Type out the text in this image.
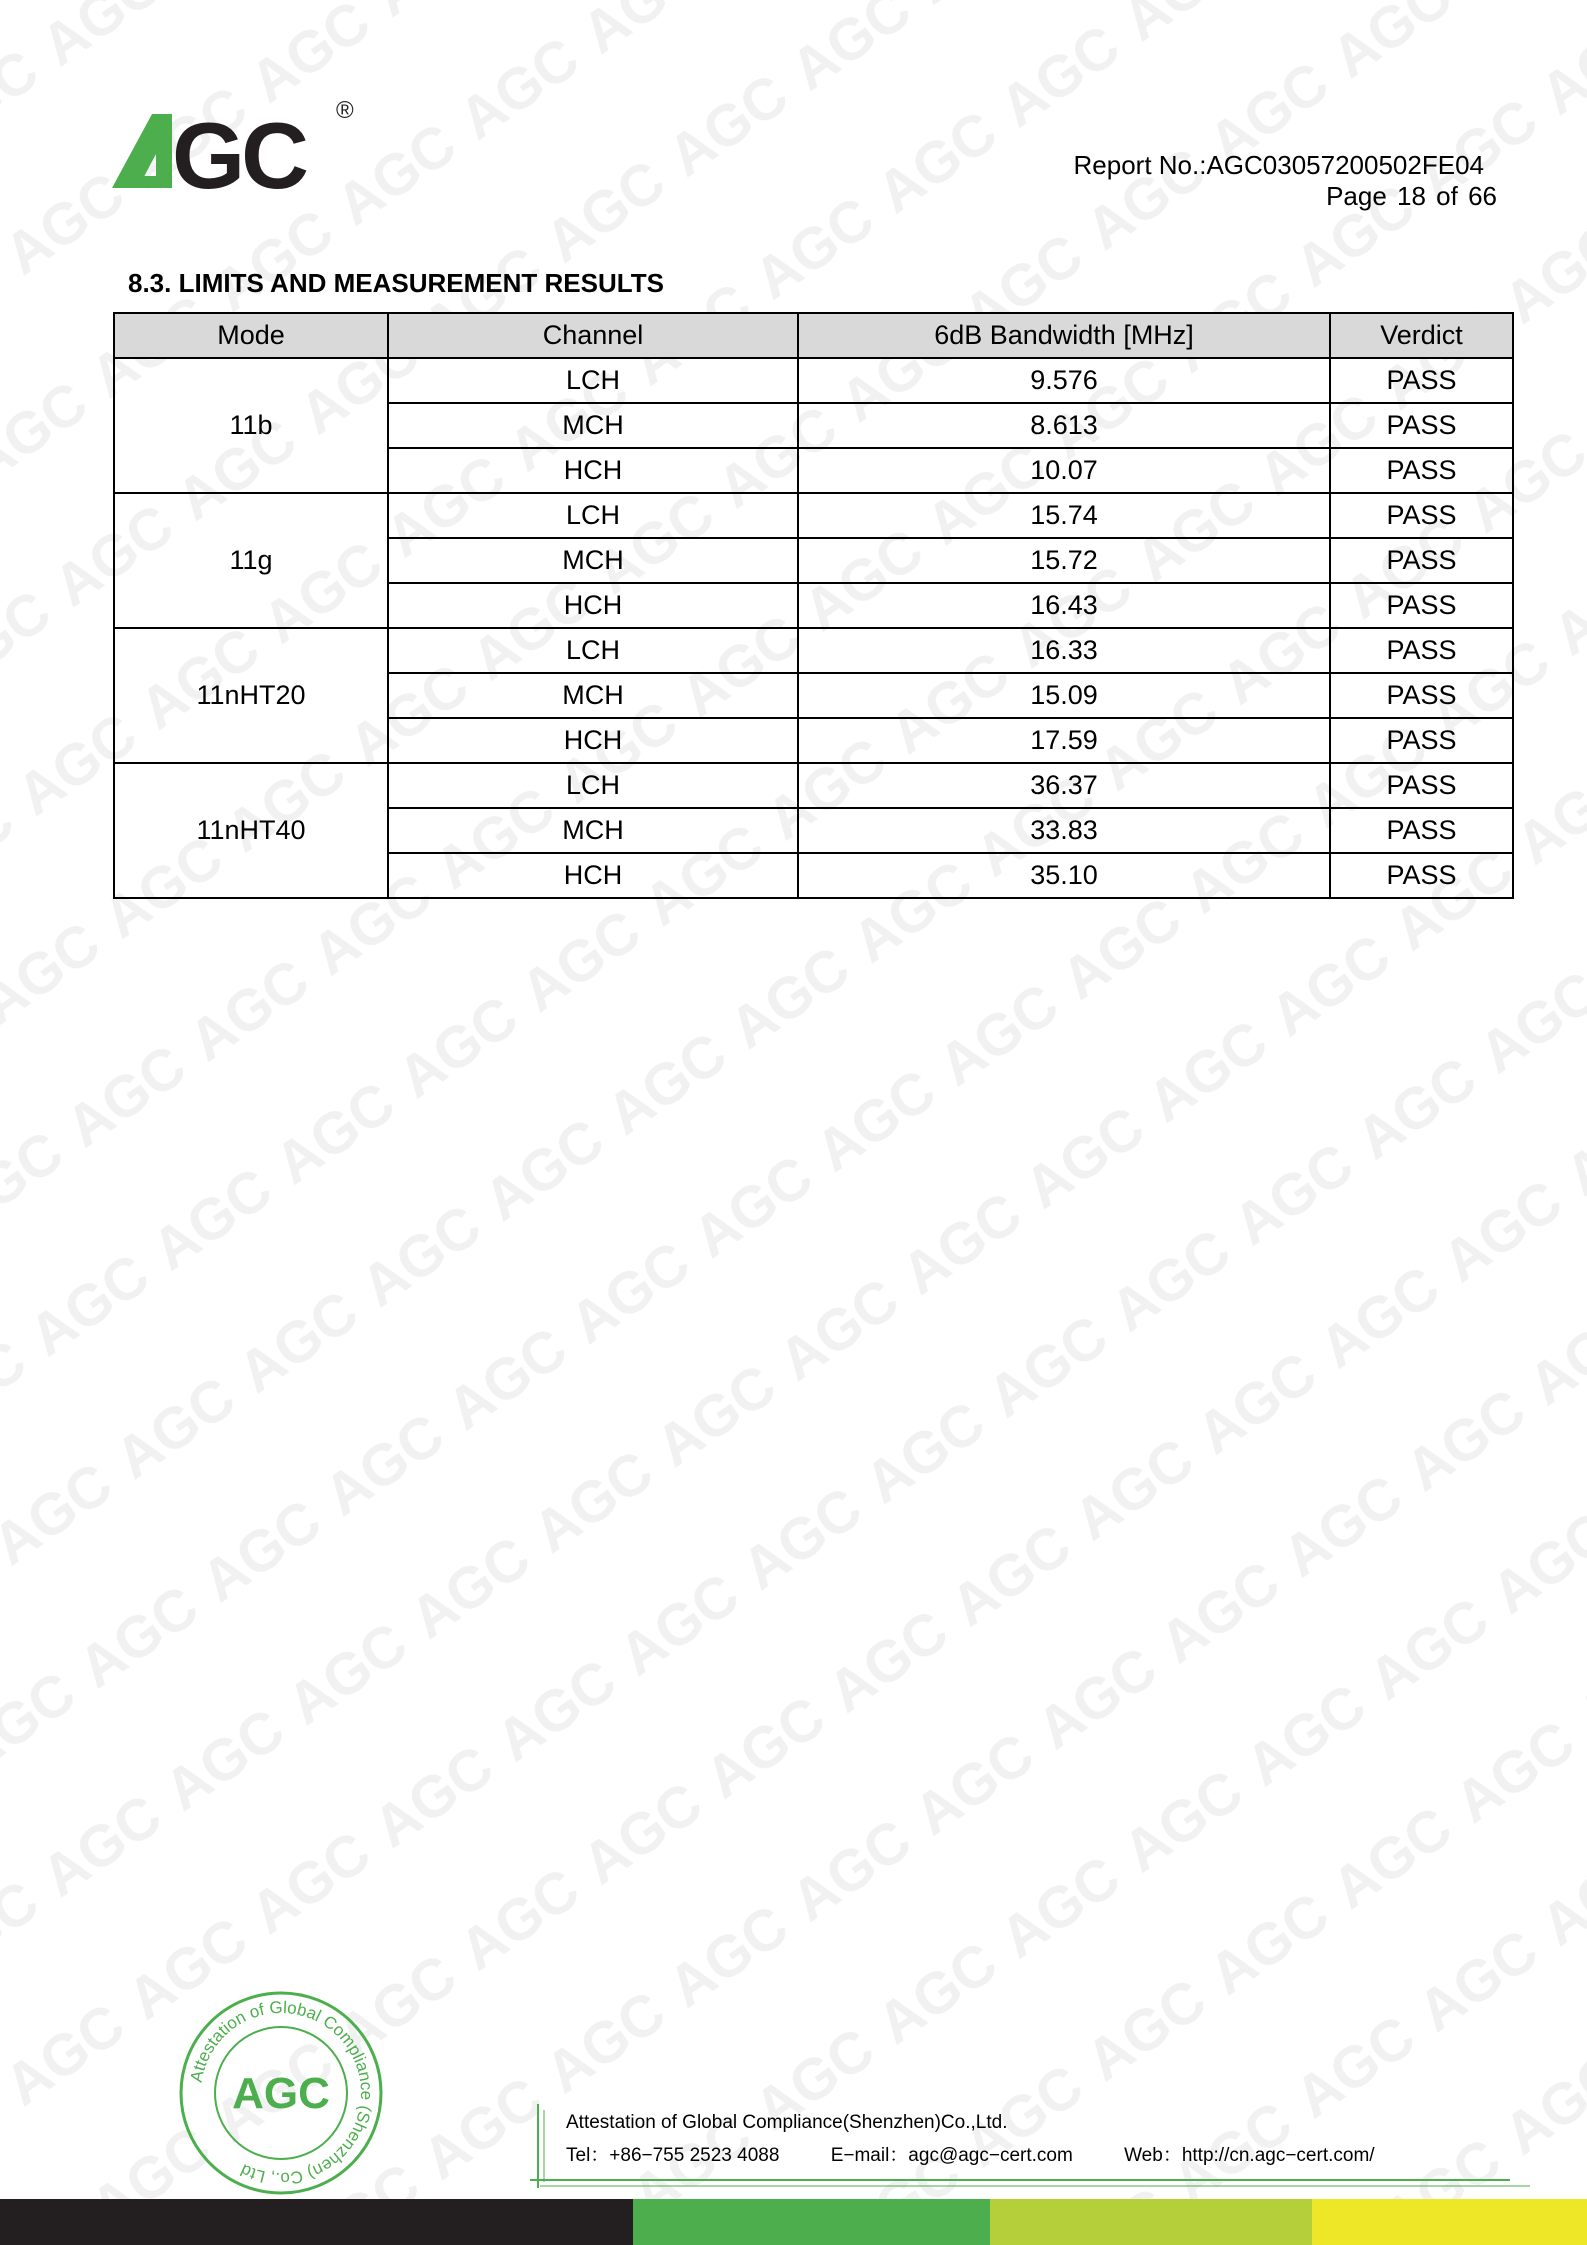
GC ®
Report No.:AGC03057200502FE04
Page 18 of 66
8.3. LIMITS AND MEASUREMENT RESULTS
Mode	Channel	6dB Bandwidth [MHz]	Verdict
11b	LCH	9.576	PASS
	MCH	8.613	PASS
	HCH	10.07	PASS
11g	LCH	15.74	PASS
	MCH	15.72	PASS
	HCH	16.43	PASS
11nHT20	LCH	16.33	PASS
	MCH	15.09	PASS
	HCH	17.59	PASS
11nHT40	LCH	36.37	PASS
	MCH	33.83	PASS
	HCH	35.10	PASS
Attestation of Global Compliance (Shenzhen) Co., Ltd
AGC
Attestation of Global Compliance(Shenzhen)Co.,Ltd.
Tel：+86−755 2523 4088	E−mail：agc@agc−cert.com	Web：http://cn.agc−cert.com/
